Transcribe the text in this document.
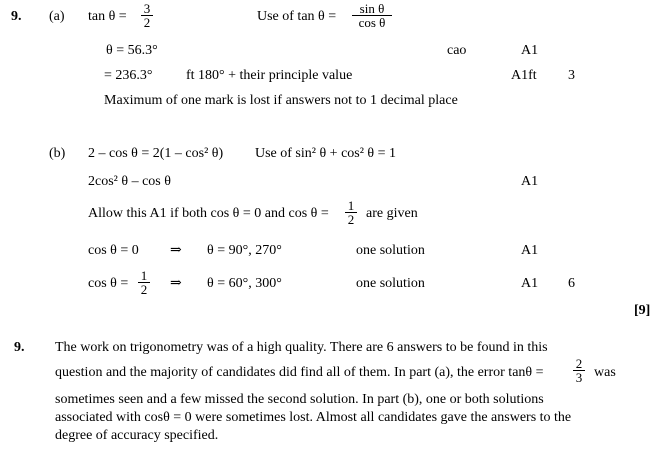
9. (a) $\tan \theta = \frac{3}{2}$	Use of $\tan \theta = \frac{\text{sin θ}}{\text{cos θ}}$
θ = 56.3°	cao	A1
= 236.3° ft 180° + their principle value	A1ft 3
Maximum of one mark is lost if answers not to 1 decimal place
(b) 2 – cos θ = 2(1 – cos² θ) Use of sin² θ + cos² θ = 1
2cos² θ – cos θ	A1
Allow this A1 if both cos θ = 0 and $\cos \theta = \frac{1}{2}$ are given
cos θ = 0 ⇒ θ = 90°, 270°	one solution	A1
$\cos \theta = \frac{1}{2}$ ⇒ θ = 60°, 300°	one solution	A1 6
[9]
9. The work on trigonometry was of a high quality. There are 6 answers to be found in this
question and the majority of candidates did find all of them. In part (a), the error $\tan\theta = \frac{2}{3}$ was
sometimes seen and a few missed the second solution. In part (b), one or both solutions
associated with cosθ = 0 were sometimes lost. Almost all candidates gave the answers to the
degree of accuracy specified.
